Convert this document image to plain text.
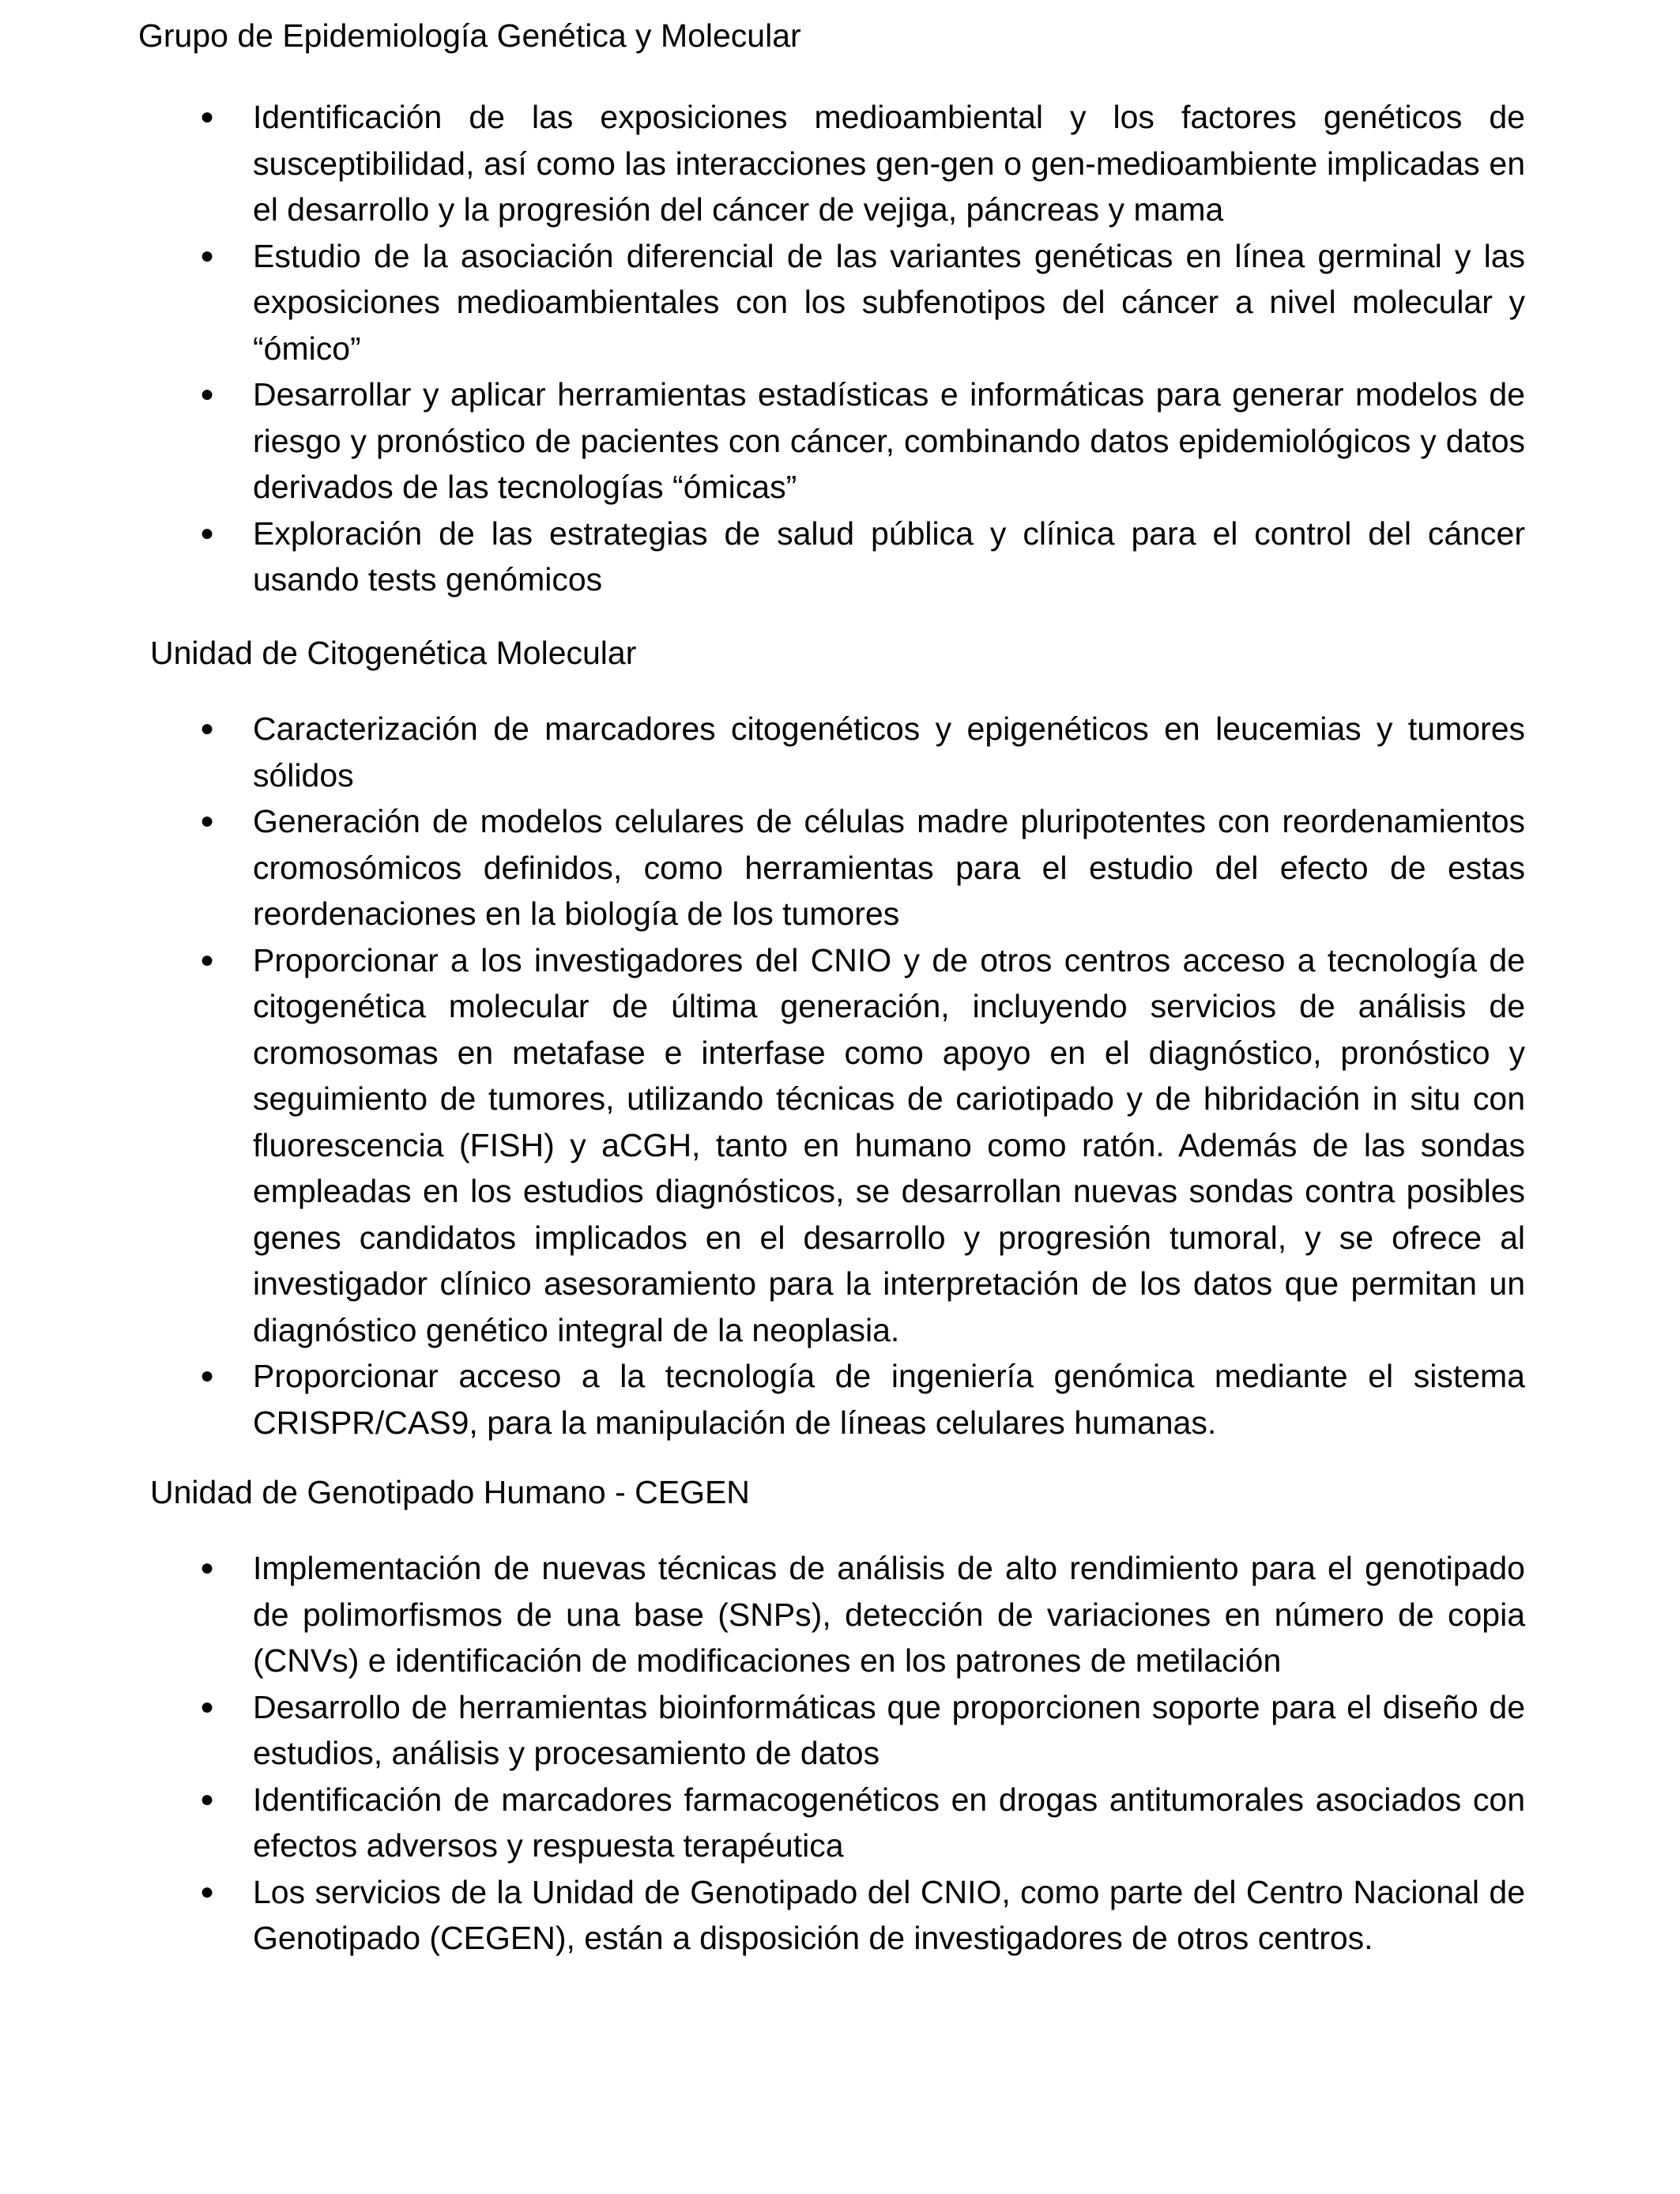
Grupo de Epidemiología Genética y Molecular
● Identificación de las exposiciones medioambiental y los factores genéticos de susceptibilidad, así como las interacciones gen-gen o gen-medioambiente implicadas en el desarrollo y la progresión del cáncer de vejiga, páncreas y mama
● Estudio de la asociación diferencial de las variantes genéticas en línea germinal y las exposiciones medioambientales con los subfenotipos del cáncer a nivel molecular y “ómico”
● Desarrollar y aplicar herramientas estadísticas e informáticas para generar modelos de riesgo y pronóstico de pacientes con cáncer, combinando datos epidemiológicos y datos derivados de las tecnologías “ómicas”
● Exploración de las estrategias de salud pública y clínica para el control del cáncer usando tests genómicos
Unidad de Citogenética Molecular
● Caracterización de marcadores citogenéticos y epigenéticos en leucemias y tumores sólidos
● Generación de modelos celulares de células madre pluripotentes con reordenamientos cromosómicos definidos, como herramientas para el estudio del efecto de estas reordenaciones en la biología de los tumores
● Proporcionar a los investigadores del CNIO y de otros centros acceso a tecnología de citogenética molecular de última generación, incluyendo servicios de análisis de cromosomas en metafase e interfase como apoyo en el diagnóstico, pronóstico y seguimiento de tumores, utilizando técnicas de cariotipado y de hibridación in situ con fluorescencia (FISH) y aCGH, tanto en humano como ratón. Además de las sondas empleadas en los estudios diagnósticos, se desarrollan nuevas sondas contra posibles genes candidatos implicados en el desarrollo y progresión tumoral, y se ofrece al investigador clínico asesoramiento para la interpretación de los datos que permitan un diagnóstico genético integral de la neoplasia.
● Proporcionar acceso a la tecnología de ingeniería genómica mediante el sistema CRISPR/CAS9, para la manipulación de líneas celulares humanas.
Unidad de Genotipado Humano - CEGEN
● Implementación de nuevas técnicas de análisis de alto rendimiento para el genotipado de polimorfismos de una base (SNPs), detección de variaciones en número de copia (CNVs) e identificación de modificaciones en los patrones de metilación
● Desarrollo de herramientas bioinformáticas que proporcionen soporte para el diseño de estudios, análisis y procesamiento de datos
● Identificación de marcadores farmacogenéticos en drogas antitumorales asociados con efectos adversos y respuesta terapéutica
● Los servicios de la Unidad de Genotipado del CNIO, como parte del Centro Nacional de Genotipado (CEGEN), están a disposición de investigadores de otros centros.
